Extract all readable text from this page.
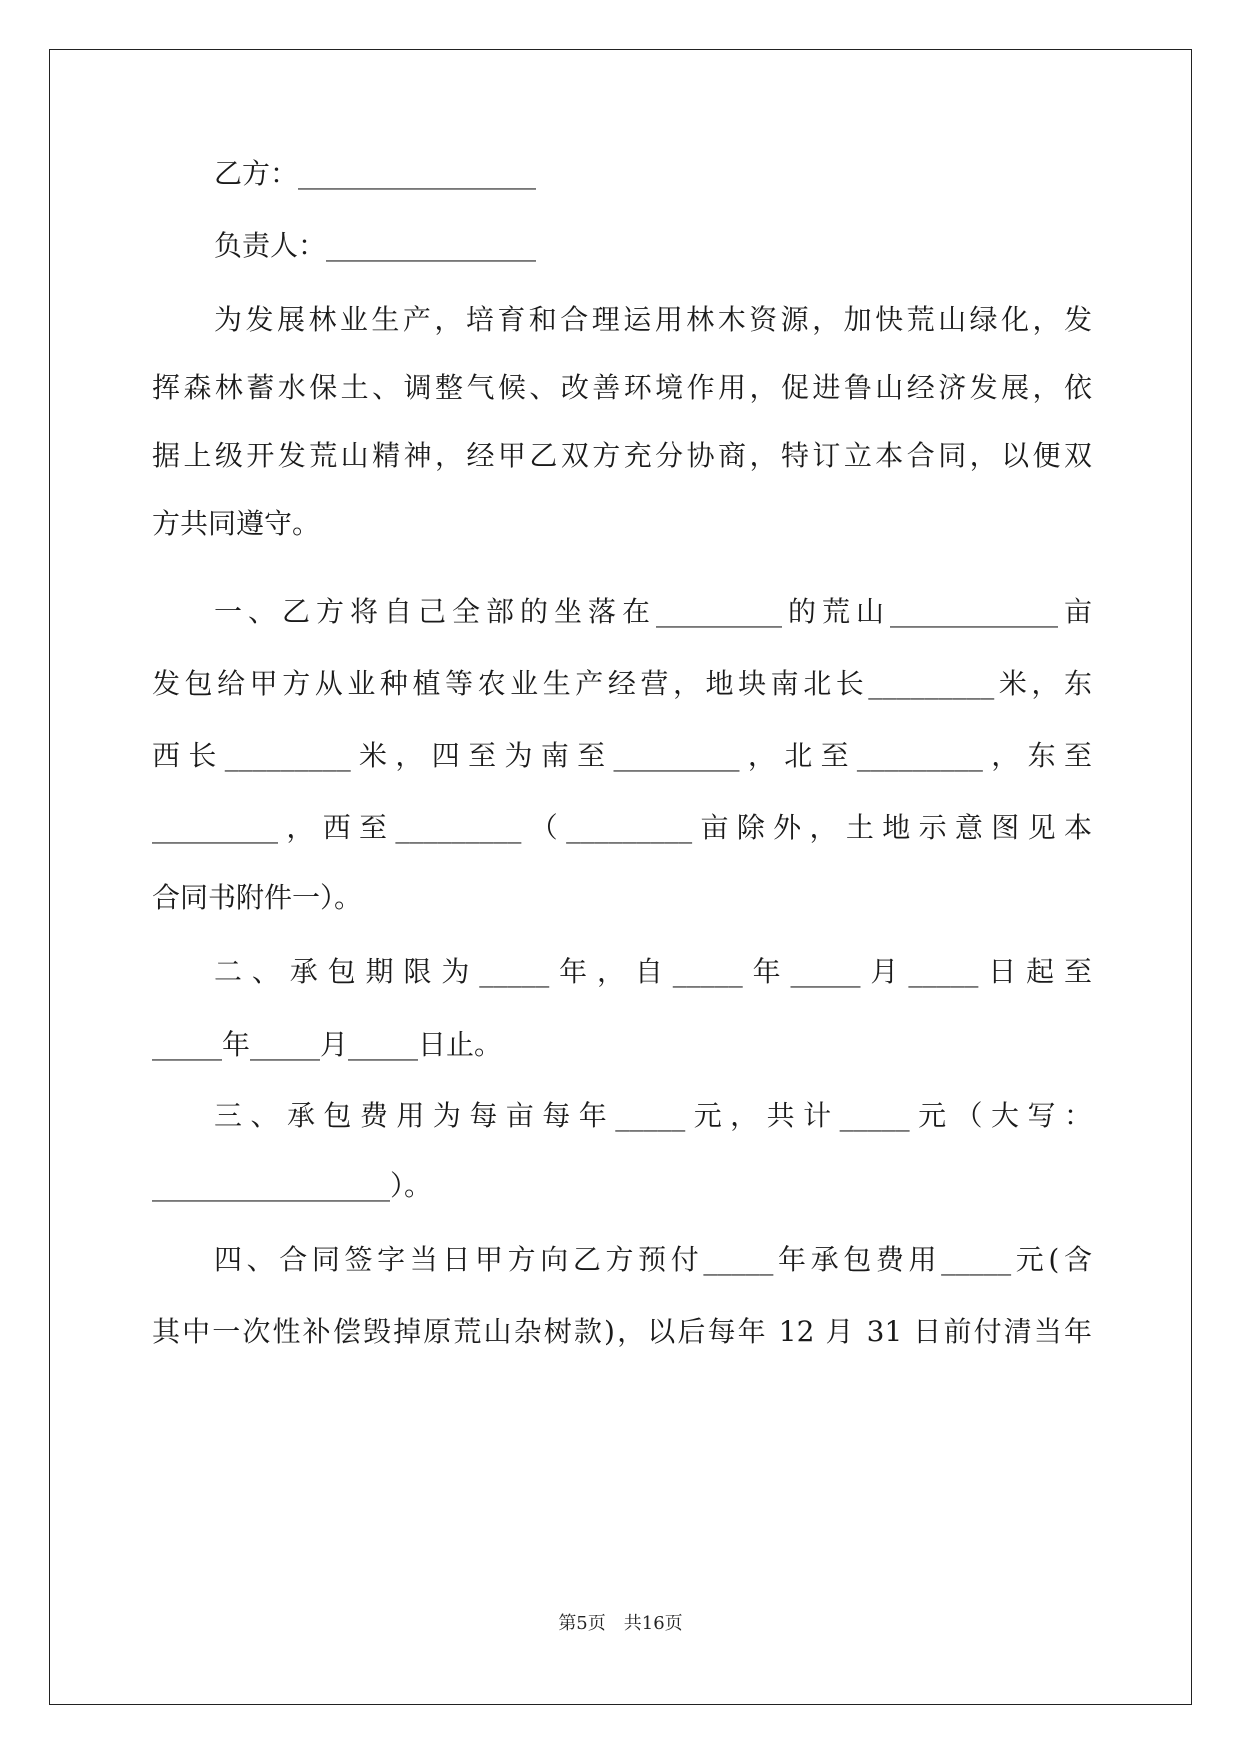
乙方：_________________
负责人：_______________
为发展林业生产，培育和合理运用林木资源，加快荒山绿化，发
挥森林蓄水保土、调整气候、改善环境作用，促进鲁山经济发展，依
据上级开发荒山精神，经甲乙双方充分协商，特订立本合同，以便双
方共同遵守。
一、乙方将自己全部的坐落在_________的荒山____________亩
发包给甲方从业种植等农业生产经营，地块南北长_________米，东
西长_________米，四至为南至_________，北至_________，东至
_________，西至_________（_________亩除外，土地示意图见本
合同书附件一）。
二、承包期限为_____年，自_____年_____月_____日起至
_____年_____月_____日止。
三、承包费用为每亩每年_____元，共计_____元（大写：
_________________）。
四、合同签字当日甲方向乙方预付_____年承包费用_____元(含
其中一次性补偿毁掉原荒山杂树款)，以后每年 12 月 31 日前付清当年
第5页　共16页
